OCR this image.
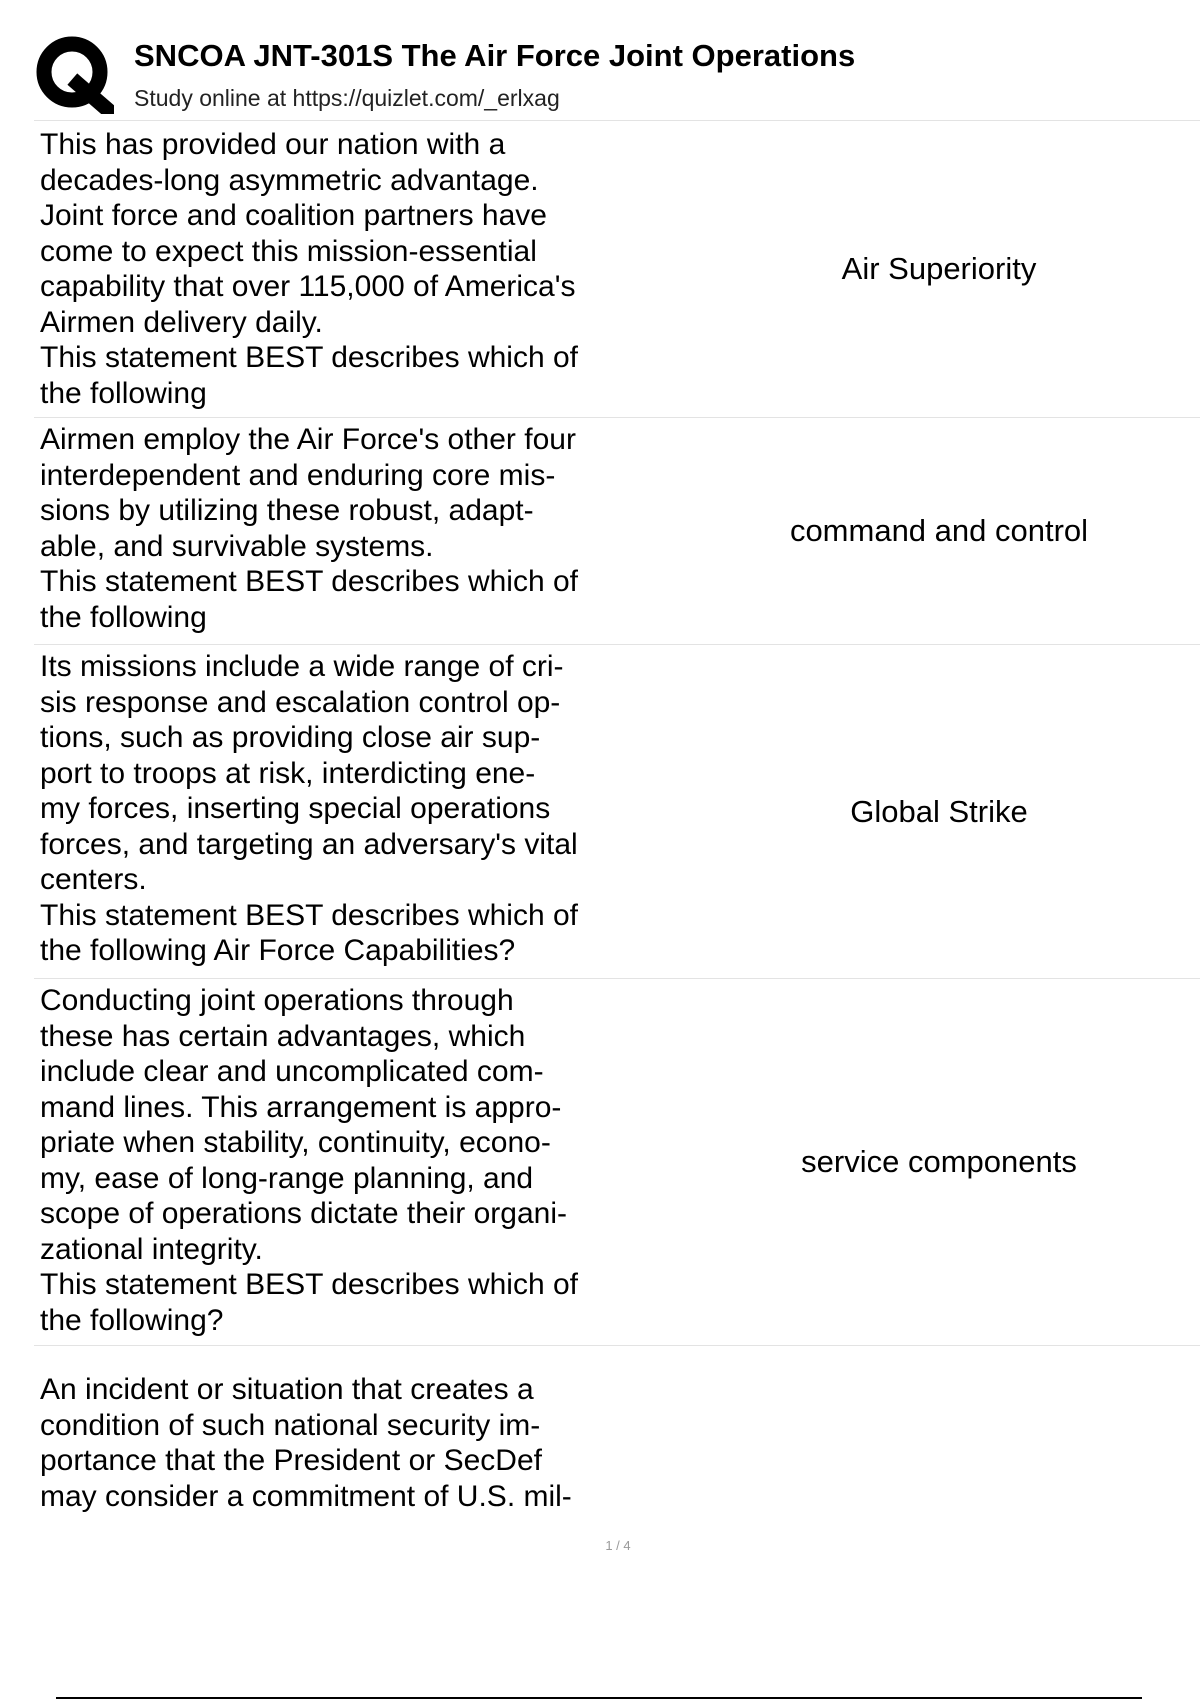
SNCOA JNT-301S The Air Force Joint Operations
Study online at https://quizlet.com/_erlxag
This has provided our nation with a
decades-long asymmetric advantage.
Joint force and coalition partners have
come to expect this mission-essential
capability that over 115,000 of America's
Airmen delivery daily.
This statement BEST describes which of
the following
Air Superiority
Airmen employ the Air Force's other four
interdependent and enduring core mis-
sions by utilizing these robust, adapt-
able, and survivable systems.
This statement BEST describes which of
the following
command and control
Its missions include a wide range of cri-
sis response and escalation control op-
tions, such as providing close air sup-
port to troops at risk, interdicting ene-
my forces, inserting special operations
forces, and targeting an adversary's vital
centers.
This statement BEST describes which of
the following Air Force Capabilities?
Global Strike
Conducting joint operations through
these has certain advantages, which
include clear and uncomplicated com-
mand lines. This arrangement is appro-
priate when stability, continuity, econo-
my, ease of long-range planning, and
scope of operations dictate their organi-
zational integrity.
This statement BEST describes which of
the following?
service components
An incident or situation that creates a
condition of such national security im-
portance that the President or SecDef
may consider a commitment of U.S. mil-
1 / 4
